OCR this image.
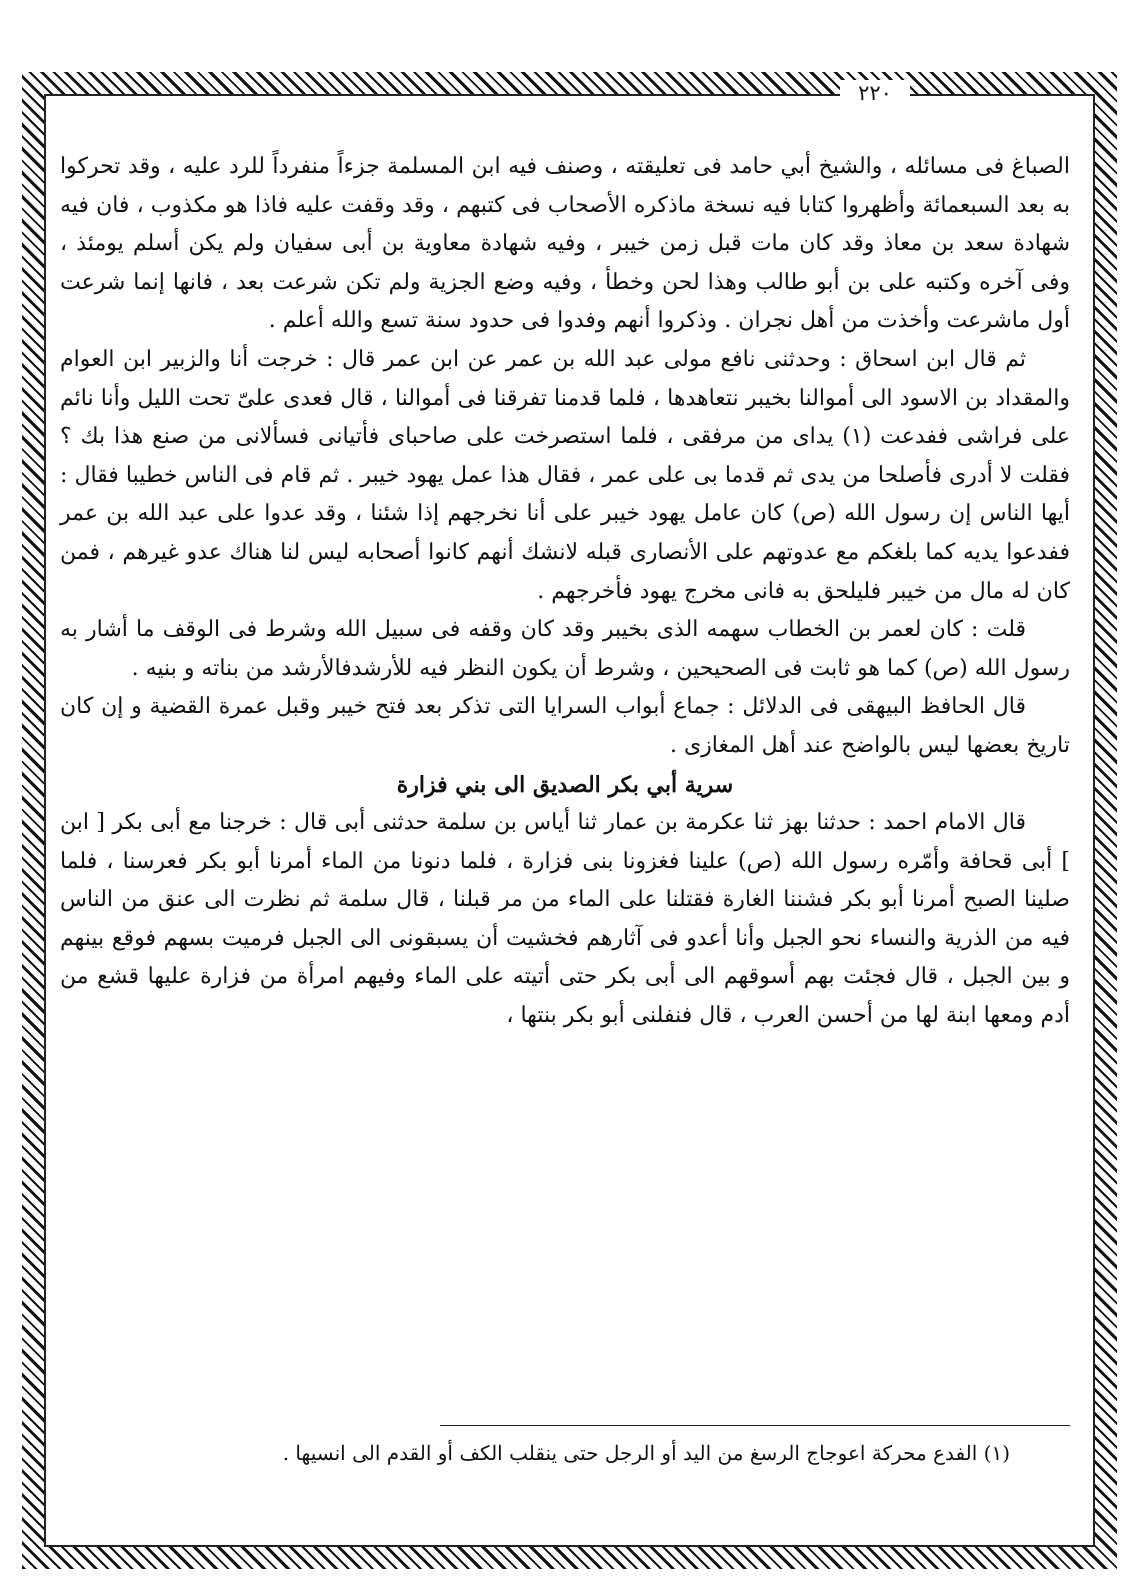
٢٢٠

الصباغ فى مسائله ، والشيخ أبي حامد فى تعليقته ، وصنف فيه ابن المسلمة جزءاً منفرداً للرد عليه ، وقد تحركوا به بعد السبعمائة وأظهروا كتابا فيه نسخة ماذكره الأصحاب فى كتبهم ، وقد وقفت عليه فاذا هو مكذوب ، فان فيه شهادة سعد بن معاذ وقد كان مات قبل زمن خيبر ، وفيه شهادة معاوية بن أبى سفيان ولم يكن أسلم يومئذ ، وفى آخره وكتبه على بن أبو طالب وهذا لحن وخطأ ، وفيه وضع الجزية ولم تكن شرعت بعد ، فانها إنما شرعت أول ماشرعت وأخذت من أهل نجران . وذكروا أنهم وفدوا فى حدود سنة تسع والله أعلم .

ثم قال ابن اسحاق : وحدثنى نافع مولى عبد الله بن عمر عن ابن عمر قال : خرجت أنا والزبير ابن العوام والمقداد بن الاسود الى أموالنا بخيبر نتعاهدها ، فلما قدمنا تفرقنا فى أموالنا ، قال فعدى علىّ تحت الليل وأنا نائم على فراشى ففدعت (١) يداى من مرفقى ، فلما استصرخت على صاحباى فأتيانى فسألانى من صنع هذا بك ؟ فقلت لا أدرى فأصلحا من يدى ثم قدما بى على عمر ، فقال هذا عمل يهود خيبر . ثم قام فى الناس خطيبا فقال : أيها الناس إن رسول الله (ص) كان عامل يهود خيبر على أنا نخرجهم إذا شئنا ، وقد عدوا على عبد الله بن عمر ففدعوا يديه كما بلغكم مع عدوتهم على الأنصارى قبله لانشك أنهم كانوا أصحابه ليس لنا هناك عدو غيرهم ، فمن كان له مال من خيبر فليلحق به فانى مخرج يهود فأخرجهم .

قلت : كان لعمر بن الخطاب سهمه الذى بخيبر وقد كان وقفه فى سبيل الله وشرط فى الوقف ما أشار به رسول الله (ص) كما هو ثابت فى الصحيحين ، وشرط أن يكون النظر فيه للأرشدفالأرشد من بناته و بنيه .

قال الحافظ البيهقى فى الدلائل : جماع أبواب السرايا التى تذكر بعد فتح خيبر وقبل عمرة القضية و إن كان تاريخ بعضها ليس بالواضح عند أهل المغازى .

سرية أبي بكر الصديق الى بني فزارة

قال الامام احمد : حدثنا بهز ثنا عكرمة بن عمار ثنا أياس بن سلمة حدثنى أبى قال : خرجنا مع أبى بكر [ ابن ] أبى قحافة وأمّره رسول الله (ص) علينا فغزونا بنى فزارة ، فلما دنونا من الماء أمرنا أبو بكر فعرسنا ، فلما صلينا الصبح أمرنا أبو بكر فشننا الغارة فقتلنا على الماء من مر قبلنا ، قال سلمة ثم نظرت الى عنق من الناس فيه من الذرية والنساء نحو الجبل وأنا أعدو فى آثارهم فخشيت أن يسبقونى الى الجبل فرميت بسهم فوقع بينهم و بين الجبل ، قال فجئت بهم أسوقهم الى أبى بكر حتى أتيته على الماء وفيهم امرأة من فزارة عليها قشع من أدم ومعها ابنة لها من أحسن العرب ، قال فنفلنى أبو بكر بنتها ،

(١) الفدع محركة اعوجاج الرسغ من اليد أو الرجل حتى ينقلب الكف أو القدم الى انسيها .
